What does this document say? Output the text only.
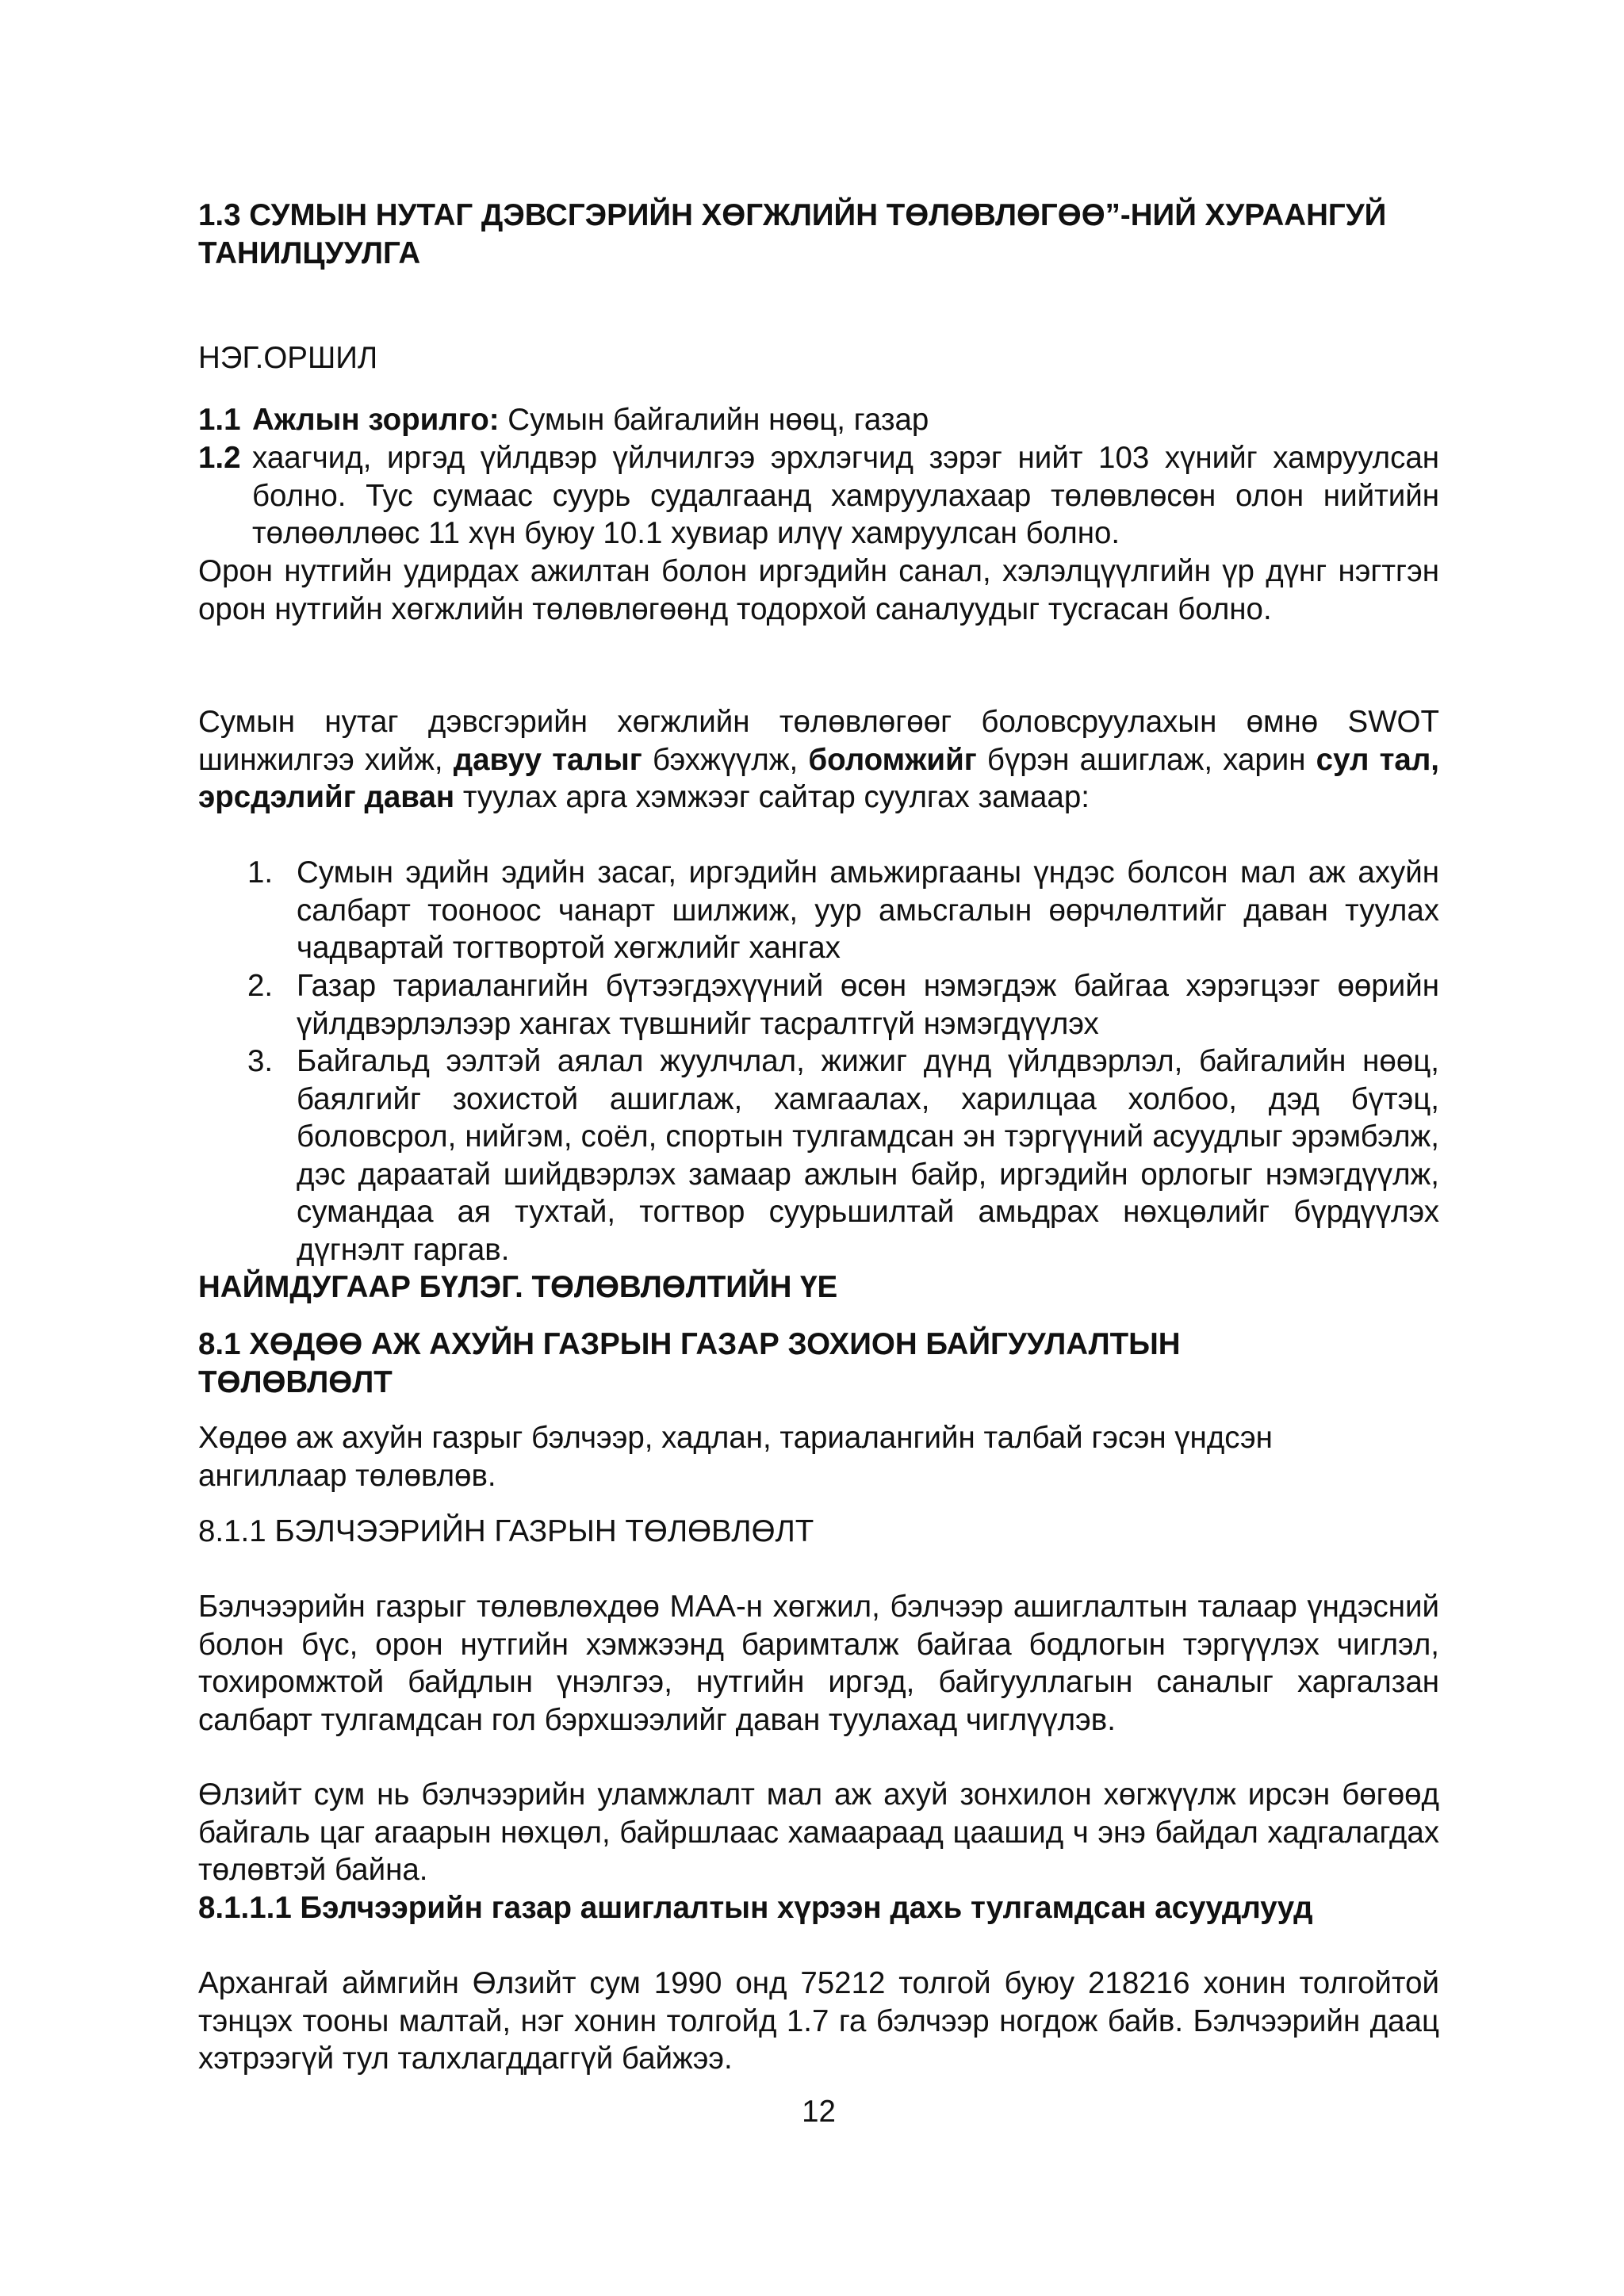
1.3 СУМЫН НУТАГ ДЭВСГЭРИЙН ХӨГЖЛИЙН ТӨЛӨВЛӨГӨӨ”-НИЙ ХУРААНГУЙ ТАНИЛЦУУЛГА
НЭГ.ОРШИЛ
1.1 Ажлын зорилго: Сумын байгалийн нөөц, газар
1.2 хаагчид, иргэд үйлдвэр үйлчилгээ эрхлэгчид зэрэг нийт 103 хүнийг хамруулсан болно. Тус сумаас суурь судалгаанд хамруулахаар төлөвлөсөн олон нийтийн төлөөллөөс 11 хүн буюу 10.1 хувиар илүү хамруулсан болно.
Орон нутгийн удирдах ажилтан болон иргэдийн санал, хэлэлцүүлгийн үр дүнг нэгтгэн орон нутгийн хөгжлийн төлөвлөгөөнд тодорхой саналуудыг тусгасан болно.
Сумын нутаг дэвсгэрийн хөгжлийн төлөвлөгөөг боловсруулахын өмнө SWOT шинжилгээ хийж, давуу талыг бэхжүүлж, боломжийг бүрэн ашиглаж, харин сул тал, эрсдэлийг даван туулах арга хэмжээг сайтар суулгах замаар:
1. Сумын эдийн эдийн засаг, иргэдийн амьжиргааны үндэс болсон мал аж ахуйн салбарт тооноос чанарт шилжиж, уур амьсгалын өөрчлөлтийг даван туулах чадвартай тогтвортой хөгжлийг хангах
2. Газар тариалангийн бүтээгдэхүүний өсөн нэмэгдэж байгаа хэрэгцээг өөрийн үйлдвэрлэлээр хангах түвшнийг тасралтгүй нэмэгдүүлэх
3. Байгальд ээлтэй аялал жуулчлал, жижиг дүнд үйлдвэрлэл, байгалийн нөөц, баялгийг зохистой ашиглаж, хамгаалах, харилцаа холбоо, дэд бүтэц, боловсрол, нийгэм, соёл, спортын тулгамдсан эн тэргүүний асуудлыг эрэмбэлж, дэс дараатай шийдвэрлэх замаар ажлын байр, иргэдийн орлогыг нэмэгдүүлж, сумандаа ая тухтай, тогтвор суурьшилтай амьдрах нөхцөлийг бүрдүүлэх дүгнэлт гаргав.
НАЙМДУГААР БҮЛЭГ. ТӨЛӨВЛӨЛТИЙН ҮЕ
8.1 ХӨДӨӨ АЖ АХУЙН ГАЗРЫН ГАЗАР ЗОХИОН БАЙГУУЛАЛТЫН ТӨЛӨВЛӨЛТ
Хөдөө аж ахуйн газрыг бэлчээр, хадлан, тариалангийн талбай гэсэн үндсэн ангиллаар төлөвлөв.
8.1.1 БЭЛЧЭЭРИЙН ГАЗРЫН ТӨЛӨВЛӨЛТ
Бэлчээрийн газрыг төлөвлөхдөө МАА-н хөгжил, бэлчээр ашиглалтын талаар үндэсний болон бүс, орон нутгийн хэмжээнд баримталж байгаа бодлогын тэргүүлэх чиглэл, тохиромжтой байдлын үнэлгээ, нутгийн иргэд, байгууллагын саналыг харгалзан салбарт тулгамдсан гол бэрхшээлийг даван туулахад чиглүүлэв.
Өлзийт сум нь бэлчээрийн уламжлалт мал аж ахуй зонхилон хөгжүүлж ирсэн бөгөөд байгаль цаг агаарын нөхцөл, байршлаас хамаараад цаашид ч энэ байдал хадгалагдах төлөвтэй байна.
8.1.1.1 Бэлчээрийн газар ашиглалтын хүрээн дахь тулгамдсан асуудлууд
Архангай аймгийн Өлзийт сум 1990 онд 75212 толгой буюу 218216 хонин толгойтой тэнцэх тооны малтай, нэг хонин толгойд 1.7 га бэлчээр ногдож байв. Бэлчээрийн даац хэтрээгүй тул талхлагддаггүй байжээ.
12
